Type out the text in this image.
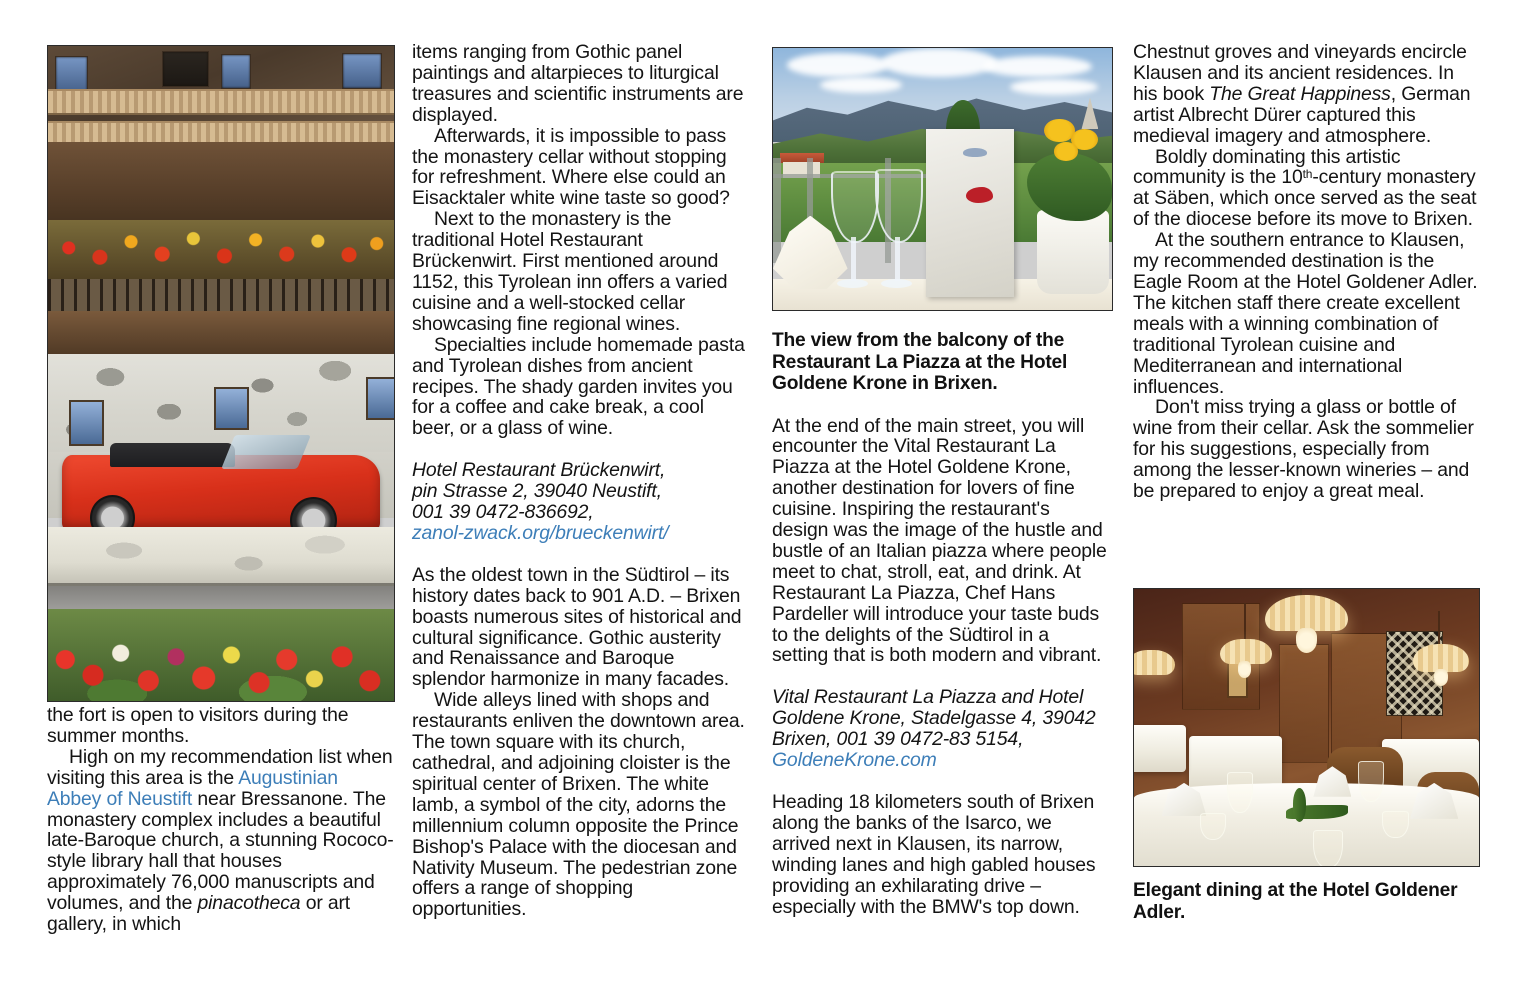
the fort is open to visitors during the summer months.

High on my recommendation list when visiting this area is the Augustinian Abbey of Neustift near Bressanone. The monastery complex includes a beautiful late-Baroque church, a stunning Rococo-style library hall that houses approximately 76,000 manuscripts and volumes, and the pinacotheca or art gallery, in which

items ranging from Gothic panel paintings and altarpieces to liturgical treasures and scientific instruments are displayed.

Afterwards, it is impossible to pass the monastery cellar without stopping for refreshment. Where else could an Eisacktaler white wine taste so good?

Next to the monastery is the traditional Hotel Restaurant Brückenwirt. First mentioned around 1152, this Tyrolean inn offers a varied cuisine and a well-stocked cellar showcasing fine regional wines.

Specialties include homemade pasta and Tyrolean dishes from ancient recipes. The shady garden invites you for a coffee and cake break, a cool beer, or a glass of wine.

Hotel Restaurant Brückenwirt,

pin Strasse 2, 39040 Neustift,

001 39 0472-836692,

zanol-zwack.org/brueckenwirt/

As the oldest town in the Südtirol – its history dates back to 901 A.D. – Brixen boasts numerous sites of historical and cultural significance. Gothic austerity and Renaissance and Baroque splendor harmonize in many facades.

Wide alleys lined with shops and restaurants enliven the downtown area. The town square with its church, cathedral, and adjoining cloister is the spiritual center of Brixen. The white lamb, a symbol of the city, adorns the millennium column opposite the Prince Bishop's Palace with the diocesan and Nativity Museum. The pedestrian zone offers a range of shopping opportunities.

The view from the balcony of the Restaurant La Piazza at the Hotel Goldene Krone in Brixen.

At the end of the main street, you will encounter the Vital Restaurant La Piazza at the Hotel Goldene Krone, another destination for lovers of fine cuisine. Inspiring the restaurant's design was the image of the hustle and bustle of an Italian piazza where people meet to chat, stroll, eat, and drink. At Restaurant La Piazza, Chef Hans Pardeller will introduce your taste buds to the delights of the Südtirol in a setting that is both modern and vibrant.

Vital Restaurant La Piazza and Hotel

Goldene Krone, Stadelgasse 4, 39042

Brixen, 001 39 0472-83 5154,

GoldeneKrone.com

Heading 18 kilometers south of Brixen along the banks of the Isarco, we arrived next in Klausen, its narrow, winding lanes and high gabled houses providing an exhilarating drive – especially with the BMW's top down.

Chestnut groves and vineyards encircle Klausen and its ancient residences. In his book The Great Happiness, German artist Albrecht Dürer captured this medieval imagery and atmosphere.

Boldly dominating this artistic community is the 10th-century monastery at Säben, which once served as the seat of the diocese before its move to Brixen.

At the southern entrance to Klausen, my recommended destination is the Eagle Room at the Hotel Goldener Adler. The kitchen staff there create excellent meals with a winning combination of traditional Tyrolean cuisine and Mediterranean and international influences.

Don't miss trying a glass or bottle of wine from their cellar. Ask the sommelier for his suggestions, especially from among the lesser-known wineries – and be prepared to enjoy a great meal.

Elegant dining at the Hotel Goldener Adler.
